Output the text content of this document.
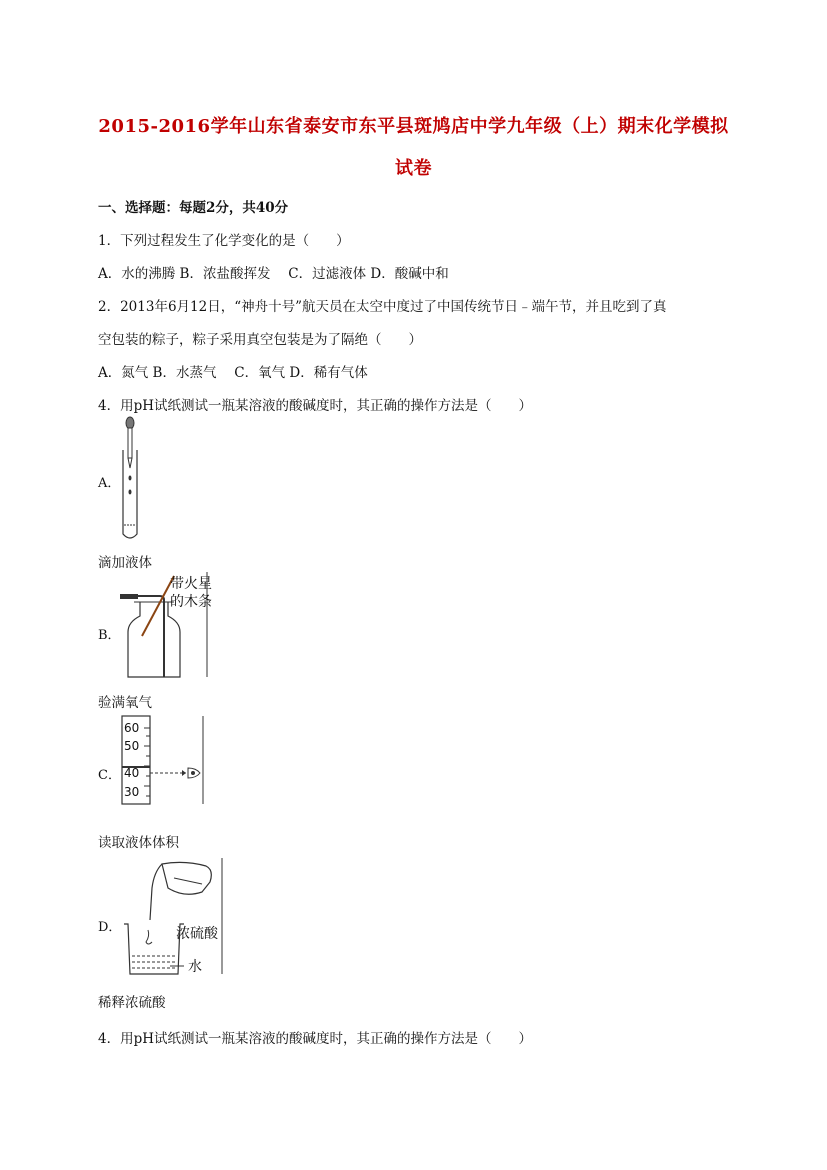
2015-2016学年山东省泰安市东平县斑鸠店中学九年级（上）期末化学模拟
试卷
一、选择题：每题2分，共40分
1．下列过程发生了化学变化的是（　　）
A．水的沸腾 B．浓盐酸挥发　 C．过滤液体 D．酸碱中和
2．2013年6月12日，“神舟十号”航天员在太空中度过了中国传统节日﹣端午节，并且吃到了真
空包装的粽子，粽子采用真空包装是为了隔绝（　　）
A．氮气 B．水蒸气　 C．氧气 D．稀有气体
4．用pH试纸测试一瓶某溶液的酸碱度时，其正确的操作方法是（　　）
A．
滴加液体
B．
带火星
的木条
验满氧气
C．
60
50
40
30
读取液体体积
D．	浓硫酸
水
稀释浓硫酸
4．用pH试纸测试一瓶某溶液的酸碱度时，其正确的操作方法是（　　）
